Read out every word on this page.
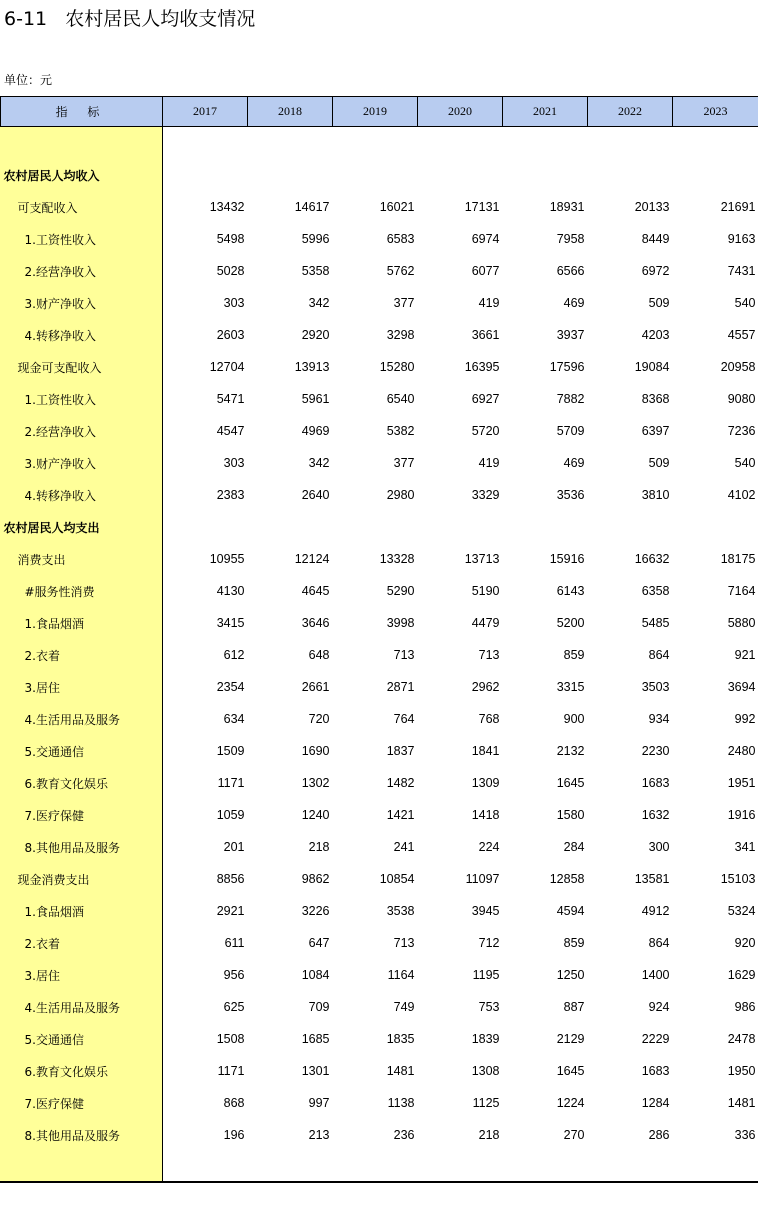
6-11   农村居民人均收支情况
单位：元
指 标	2017	2018	2019	2020	2021	2022	2023

农村居民人均收入							
可支配收入	13432	14617	16021	17131	18931	20133	21691
1.工资性收入	5498	5996	6583	6974	7958	8449	9163
2.经营净收入	5028	5358	5762	6077	6566	6972	7431
3.财产净收入	303	342	377	419	469	509	540
4.转移净收入	2603	2920	3298	3661	3937	4203	4557
现金可支配收入	12704	13913	15280	16395	17596	19084	20958
1.工资性收入	5471	5961	6540	6927	7882	8368	9080
2.经营净收入	4547	4969	5382	5720	5709	6397	7236
3.财产净收入	303	342	377	419	469	509	540
4.转移净收入	2383	2640	2980	3329	3536	3810	4102
农村居民人均支出							
消费支出	10955	12124	13328	13713	15916	16632	18175
#服务性消费	4130	4645	5290	5190	6143	6358	7164
1.食品烟酒	3415	3646	3998	4479	5200	5485	5880
2.衣着	612	648	713	713	859	864	921
3.居住	2354	2661	2871	2962	3315	3503	3694
4.生活用品及服务	634	720	764	768	900	934	992
5.交通通信	1509	1690	1837	1841	2132	2230	2480
6.教育文化娱乐	1171	1302	1482	1309	1645	1683	1951
7.医疗保健	1059	1240	1421	1418	1580	1632	1916
8.其他用品及服务	201	218	241	224	284	300	341
现金消费支出	8856	9862	10854	11097	12858	13581	15103
1.食品烟酒	2921	3226	3538	3945	4594	4912	5324
2.衣着	611	647	713	712	859	864	920
3.居住	956	1084	1164	1195	1250	1400	1629
4.生活用品及服务	625	709	749	753	887	924	986
5.交通通信	1508	1685	1835	1839	2129	2229	2478
6.教育文化娱乐	1171	1301	1481	1308	1645	1683	1950
7.医疗保健	868	997	1138	1125	1224	1284	1481
8.其他用品及服务	196	213	236	218	270	286	336
